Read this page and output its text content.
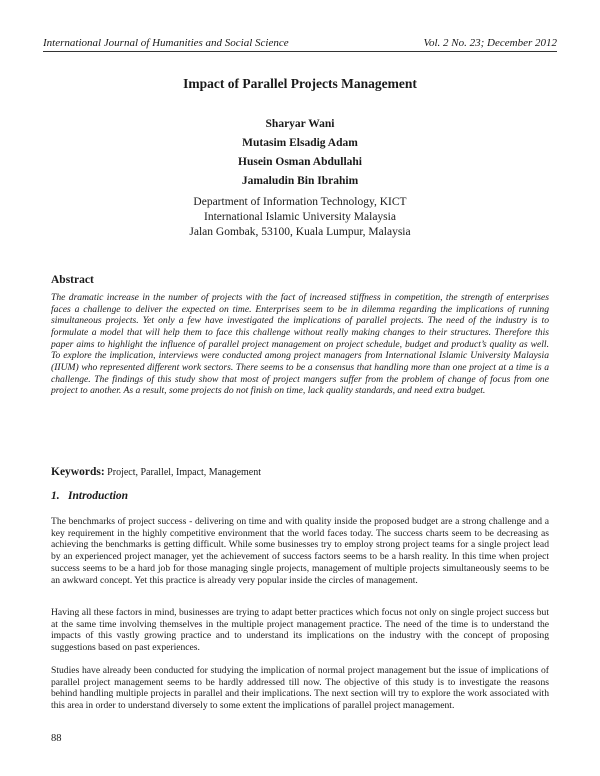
International Journal of Humanities and Social Science	Vol. 2 No. 23; December 2012
Impact of Parallel Projects Management
Sharyar Wani
Mutasim Elsadig Adam
Husein Osman Abdullahi
Jamaludin Bin Ibrahim
Department of Information Technology, KICT
International Islamic University Malaysia
Jalan Gombak, 53100, Kuala Lumpur, Malaysia
Abstract

The dramatic increase in the number of projects with the fact of increased stiffness in competition, the strength of enterprises faces a challenge to deliver the expected on time. Enterprises seem to be in dilemma regarding the implications of running simultaneous projects. Yet only a few have investigated the implications of parallel projects. The need of the industry is to formulate a model that will help them to face this challenge without really making changes to their structures. Therefore this paper aims to highlight the influence of parallel project management on project schedule, budget and product’s quality as well. To explore the implication, interviews were conducted among project managers from International Islamic University Malaysia (IIUM) who represented different work sectors. There seems to be a consensus that handling more than one project at a time is a challenge. The findings of this study show that most of project mangers suffer from the problem of change of focus from one project to another. As a result, some projects do not finish on time, lack quality standards, and need extra budget.

Keywords: Project, Parallel, Impact, Management

1. Introduction

The benchmarks of project success - delivering on time and with quality inside the proposed budget are a strong challenge and a key requirement in the highly competitive environment that the world faces today. The success charts seem to be decreasing as achieving the benchmarks is getting difficult. While some businesses try to employ strong project teams for a single project lead by an experienced project manager, yet the achievement of success factors seems to be a harsh reality. In this time when project success seems to be a hard job for those managing single projects, management of multiple projects simultaneously seems to be an awkward concept. Yet this practice is already very popular inside the circles of management.

Having all these factors in mind, businesses are trying to adapt better practices which focus not only on single project success but at the same time involving themselves in the multiple project management practice. The need of the time is to understand the impacts of this vastly growing practice and to understand its implications on the industry with the concept of proposing suggestions based on past experiences.

Studies have already been conducted for studying the implication of normal project management but the issue of implications of parallel project management seems to be hardly addressed till now. The objective of this study is to investigate the reasons behind handling multiple projects in parallel and their implications. The next section will try to explore the work associated with this area in order to understand diversely to some extent the implications of parallel project management.

88
